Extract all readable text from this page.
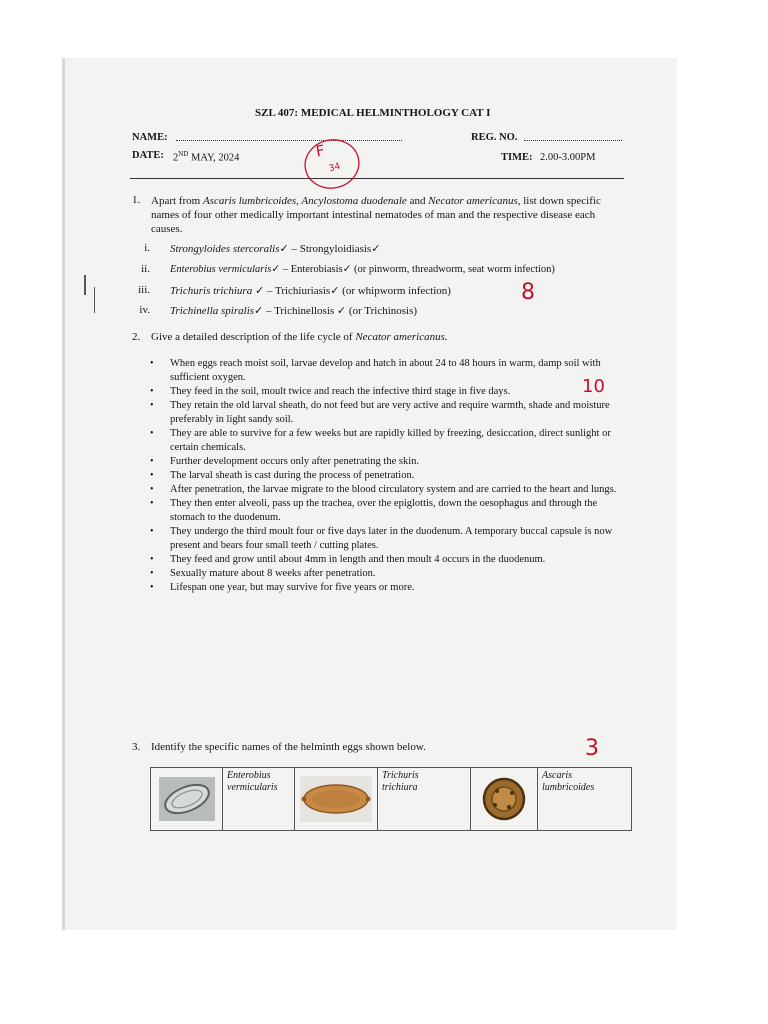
SZL 407: MEDICAL HELMINTHOLOGY CAT I
NAME:	REG. NO.
DATE: 2ND MAY, 2024	TIME: 2.00-3.00PM
F
34
1. Apart from Ascaris lumbricoides, Ancylostoma duodenale and Necator americanus, list down specific names of four other medically important intestinal nematodes of man and the respective disease each causes.
i. Strongyloides stercoralis✓ – Strongyloidiasis✓
ii. Enterobius vermicularis✓ – Enterobiasis✓ (or pinworm, threadworm, seat worm infection)
iii. Trichuris trichiura ✓ – Trichiuriasis✓ (or whipworm infection)
iv. Trichinella spiralis✓ – Trichinellosis ✓ (or Trichinosis)
8
2. Give a detailed description of the life cycle of Necator americanus.
• When eggs reach moist soil, larvae develop and hatch in about 24 to 48 hours in warm, damp soil with sufficient oxygen.
• They feed in the soil, moult twice and reach the infective third stage in five days.
• They retain the old larval sheath, do not feed but are very active and require warmth, shade and moisture preferably in light sandy soil.
• They are able to survive for a few weeks but are rapidly killed by freezing, desiccation, direct sunlight or certain chemicals.
• Further development occurs only after penetrating the skin.
• The larval sheath is cast during the process of penetration.
• After penetration, the larvae migrate to the blood circulatory system and are carried to the heart and lungs.
• They then enter alveoli, pass up the trachea, over the epiglottis, down the oesophagus and through the stomach to the duodenum.
• They undergo the third moult four or five days later in the duodenum. A temporary buccal capsule is now present and bears four small teeth / cutting plates.
• They feed and grow until about 4mm in length and then moult 4 occurs in the duodenum.
• Sexually mature about 8 weeks after penetration.
• Lifespan one year, but may survive for five years or more.
10
3. Identify the specific names of the helminth eggs shown below.	3

Enterobius
vermicularis

Trichuris
trichiura

Ascaris
lumbricoides
